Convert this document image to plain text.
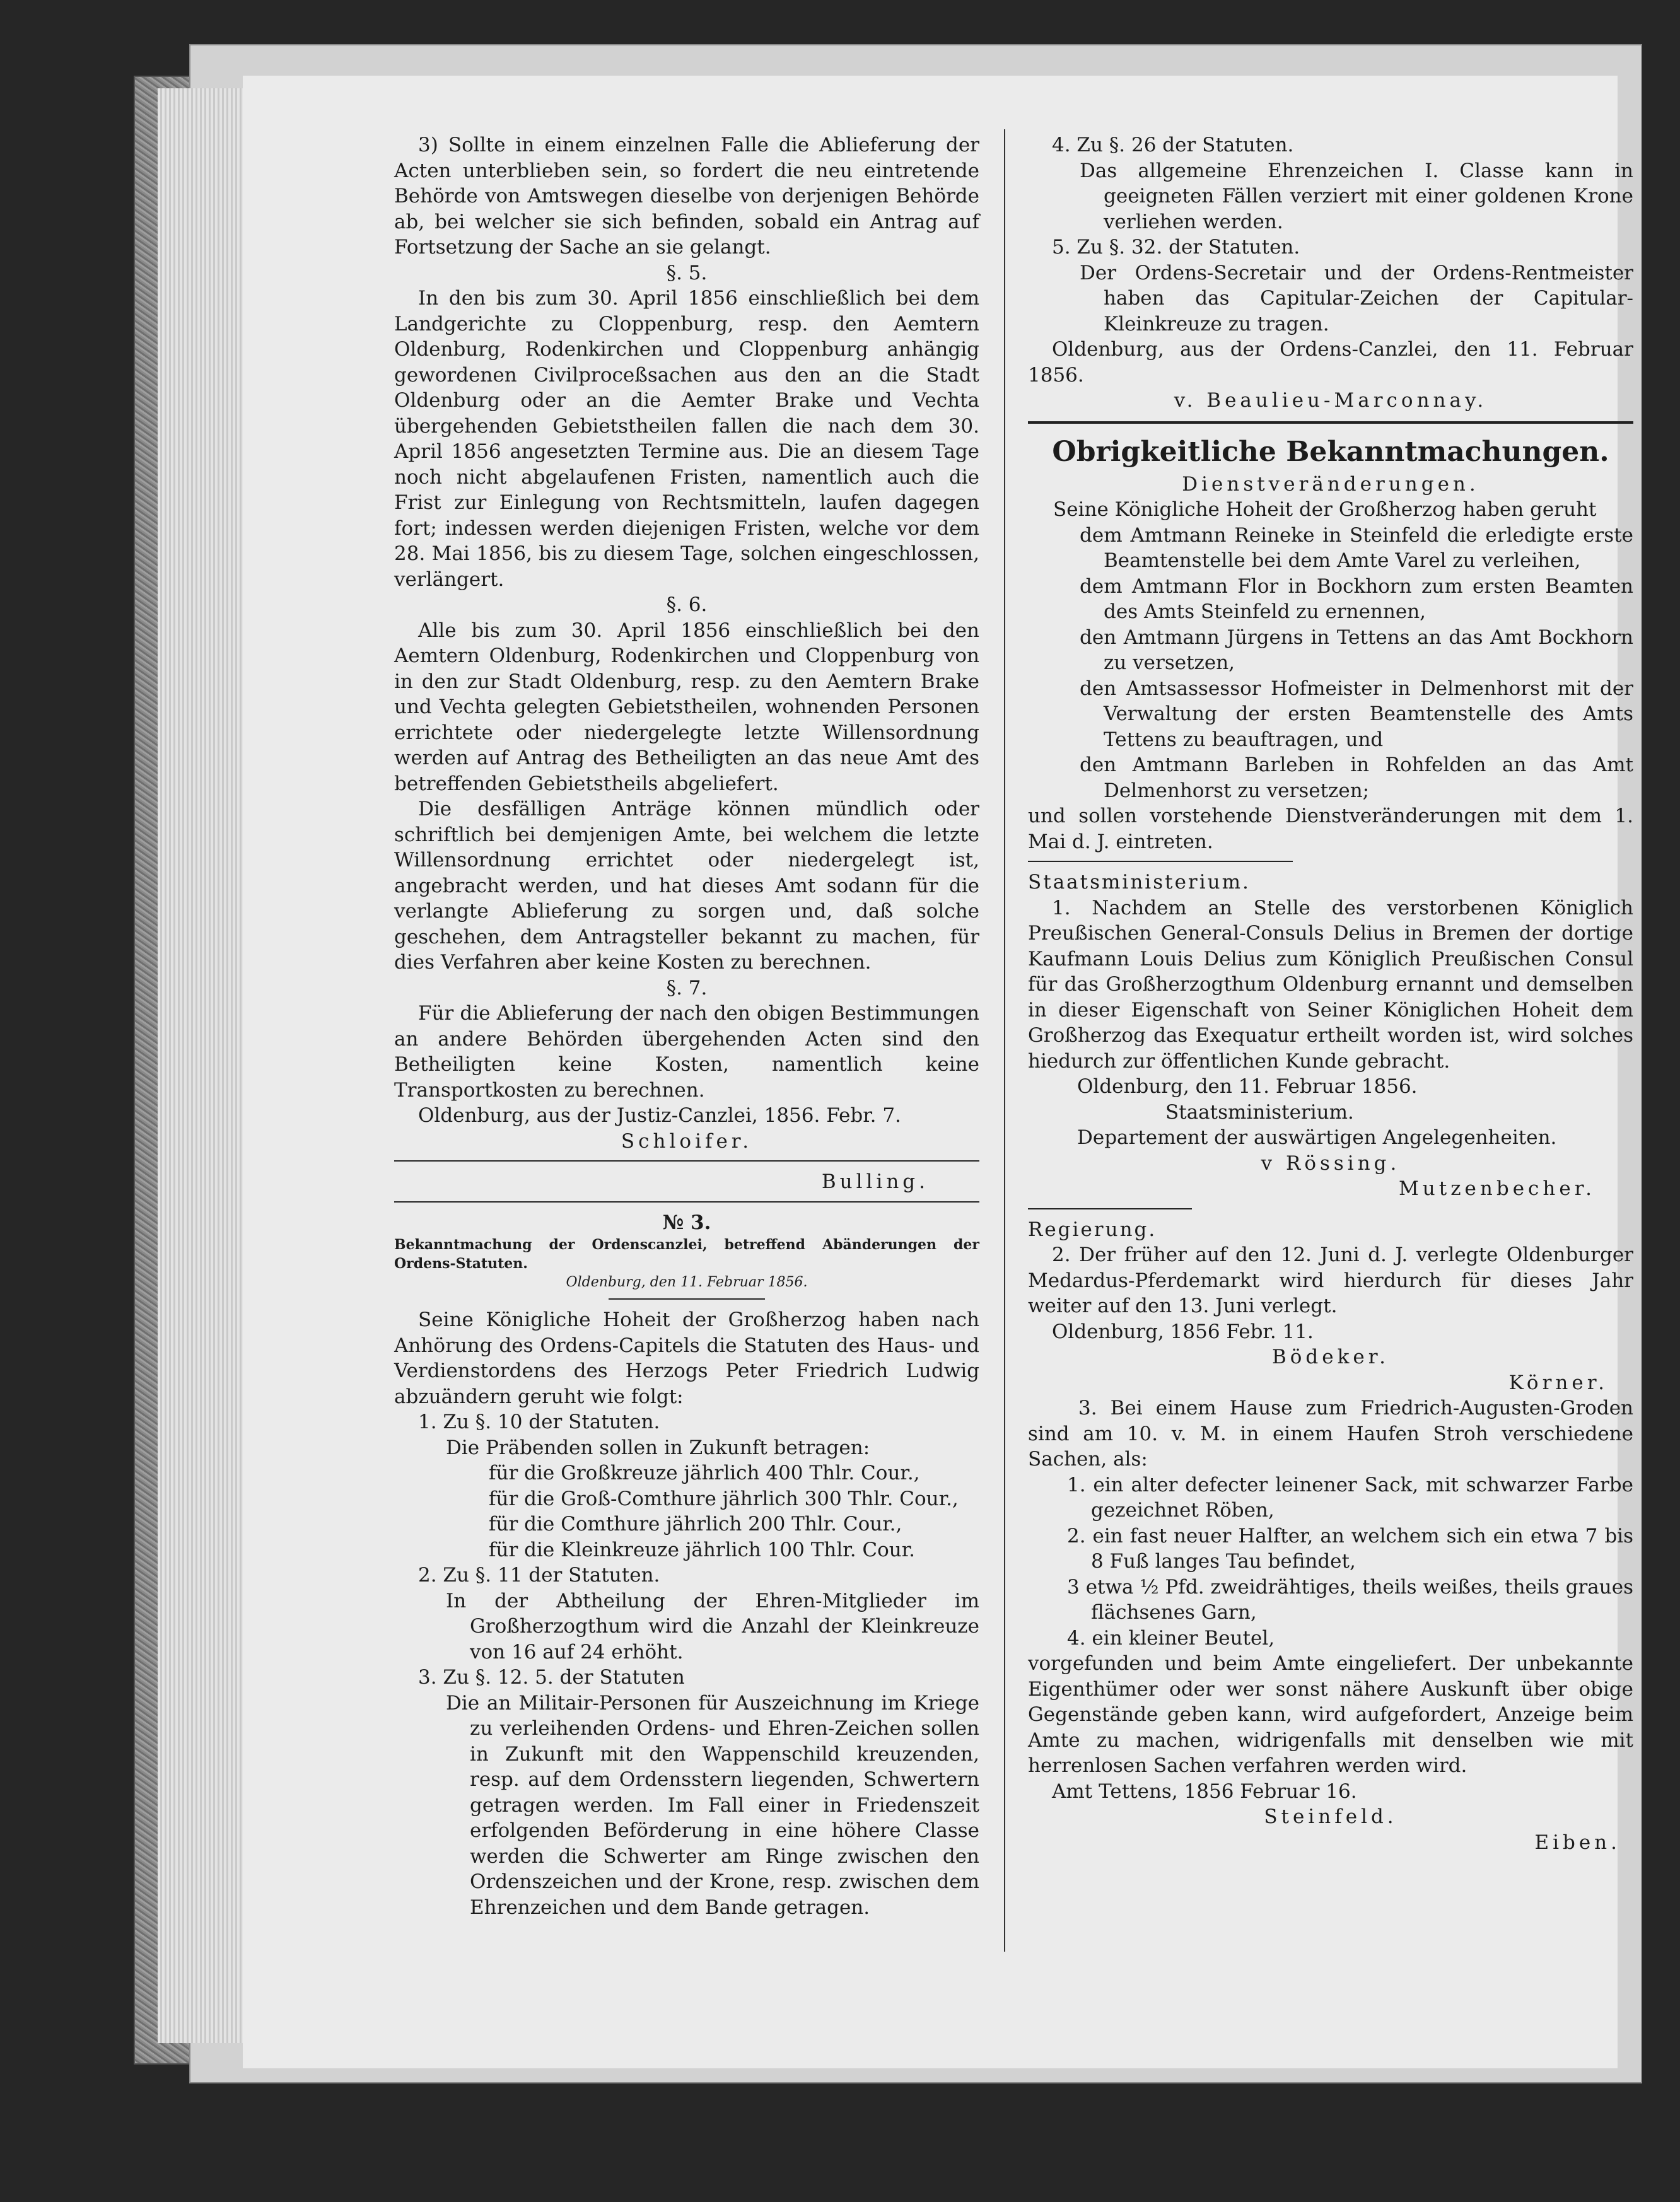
3) Sollte in einem einzelnen Falle die Ablieferung der Acten unterblieben sein, so fordert die neu eintretende Behörde von Amtswegen dieselbe von derjenigen Behörde ab, bei welcher sie sich befinden, sobald ein Antrag auf Fortsetzung der Sache an sie gelangt.

§. 5.

In den bis zum 30. April 1856 einschließlich bei dem Landgerichte zu Cloppenburg, resp. den Aemtern Oldenburg, Rodenkirchen und Cloppenburg anhängig gewordenen Civilproceßsachen aus den an die Stadt Oldenburg oder an die Aemter Brake und Vechta übergehenden Gebietstheilen fallen die nach dem 30. April 1856 angesetzten Termine aus. Die an diesem Tage noch nicht abgelaufenen Fristen, namentlich auch die Frist zur Einlegung von Rechtsmitteln, laufen dagegen fort; indessen werden diejenigen Fristen, welche vor dem 28. Mai 1856, bis zu diesem Tage, solchen eingeschlossen, verlängert.

§. 6.

Alle bis zum 30. April 1856 einschließlich bei den Aemtern Oldenburg, Rodenkirchen und Cloppenburg von in den zur Stadt Oldenburg, resp. zu den Aemtern Brake und Vechta gelegten Gebietstheilen, wohnenden Personen errichtete oder niedergelegte letzte Willensordnung werden auf Antrag des Betheiligten an das neue Amt des betreffenden Gebietstheils abgeliefert.

Die desfälligen Anträge können mündlich oder schriftlich bei demjenigen Amte, bei welchem die letzte Willensordnung errichtet oder niedergelegt ist, angebracht werden, und hat dieses Amt sodann für die verlangte Ablieferung zu sorgen und, daß solche geschehen, dem Antragsteller bekannt zu machen, für dies Verfahren aber keine Kosten zu berechnen.

§. 7.

Für die Ablieferung der nach den obigen Bestimmungen an andere Behörden übergehenden Acten sind den Betheiligten keine Kosten, namentlich keine Transportkosten zu berechnen.

Oldenburg, aus der Justiz-Canzlei, 1856. Febr. 7.

Schloifer.

Bulling.

№ 3.

Bekanntmachung der Ordenscanzlei, betreffend Abänderungen der Ordens-Statuten.

Oldenburg, den 11. Februar 1856.

Seine Königliche Hoheit der Großherzog haben nach Anhörung des Ordens-Capitels die Statuten des Haus- und Verdienstordens des Herzogs Peter Friedrich Ludwig abzuändern geruht wie folgt:

1. Zu §. 10 der Statuten.

Die Präbenden sollen in Zukunft betragen:

für die Großkreuze jährlich 400 Thlr. Cour.,

für die Groß-Comthure jährlich 300 Thlr. Cour.,

für die Comthure jährlich 200 Thlr. Cour.,

für die Kleinkreuze jährlich 100 Thlr. Cour.

2. Zu §. 11 der Statuten.

In der Abtheilung der Ehren-Mitglieder im Großherzogthum wird die Anzahl der Kleinkreuze von 16 auf 24 erhöht.

3. Zu §. 12. 5. der Statuten

Die an Militair-Personen für Auszeichnung im Kriege zu verleihenden Ordens- und Ehren-Zeichen sollen in Zukunft mit den Wappenschild kreuzenden, resp. auf dem Ordensstern liegenden, Schwertern getragen werden. Im Fall einer in Friedenszeit erfolgenden Beförderung in eine höhere Classe werden die Schwerter am Ringe zwischen den Ordenszeichen und der Krone, resp. zwischen dem Ehrenzeichen und dem Bande getragen.

4. Zu §. 26 der Statuten.

Das allgemeine Ehrenzeichen I. Classe kann in geeigneten Fällen verziert mit einer goldenen Krone verliehen werden.

5. Zu §. 32. der Statuten.

Der Ordens-Secretair und der Ordens-Rentmeister haben das Capitular-Zeichen der Capitular-Kleinkreuze zu tragen.

Oldenburg, aus der Ordens-Canzlei, den 11. Februar 1856.

v. Beaulieu-Marconnay.

Obrigkeitliche Bekanntmachungen.

Dienstveränderungen.

Seine Königliche Hoheit der Großherzog haben geruht

dem Amtmann Reineke in Steinfeld die erledigte erste Beamtenstelle bei dem Amte Varel zu verleihen,

dem Amtmann Flor in Bockhorn zum ersten Beamten des Amts Steinfeld zu ernennen,

den Amtmann Jürgens in Tettens an das Amt Bockhorn zu versetzen,

den Amtsassessor Hofmeister in Delmenhorst mit der Verwaltung der ersten Beamtenstelle des Amts Tettens zu beauftragen, und

den Amtmann Barleben in Rohfelden an das Amt Delmenhorst zu versetzen;

und sollen vorstehende Dienstveränderungen mit dem 1. Mai d. J. eintreten.

Staatsministerium.

1. Nachdem an Stelle des verstorbenen Königlich Preußischen General-Consuls Delius in Bremen der dortige Kaufmann Louis Delius zum Königlich Preußischen Consul für das Großherzogthum Oldenburg ernannt und demselben in dieser Eigenschaft von Seiner Königlichen Hoheit dem Großherzog das Exequatur ertheilt worden ist, wird solches hiedurch zur öffentlichen Kunde gebracht.

Oldenburg, den 11. Februar 1856.

Staatsministerium.

Departement der auswärtigen Angelegenheiten.

v Rössing.

Mutzenbecher.

Regierung.

2. Der früher auf den 12. Juni d. J. verlegte Oldenburger Medardus-Pferdemarkt wird hierdurch für dieses Jahr weiter auf den 13. Juni verlegt.

Oldenburg, 1856 Febr. 11.

Bödeker.

Körner.

3. Bei einem Hause zum Friedrich-Augusten-Groden sind am 10. v. M. in einem Haufen Stroh verschiedene Sachen, als:

1. ein alter defecter leinener Sack, mit schwarzer Farbe gezeichnet Röben,

2. ein fast neuer Halfter, an welchem sich ein etwa 7 bis 8 Fuß langes Tau befindet,

3 etwa ½ Pfd. zweidrähtiges, theils weißes, theils graues flächsenes Garn,

4. ein kleiner Beutel,

vorgefunden und beim Amte eingeliefert. Der unbekannte Eigenthümer oder wer sonst nähere Auskunft über obige Gegenstände geben kann, wird aufgefordert, Anzeige beim Amte zu machen, widrigenfalls mit denselben wie mit herrenlosen Sachen verfahren werden wird.

Amt Tettens, 1856 Februar 16.

Steinfeld.

Eiben.
